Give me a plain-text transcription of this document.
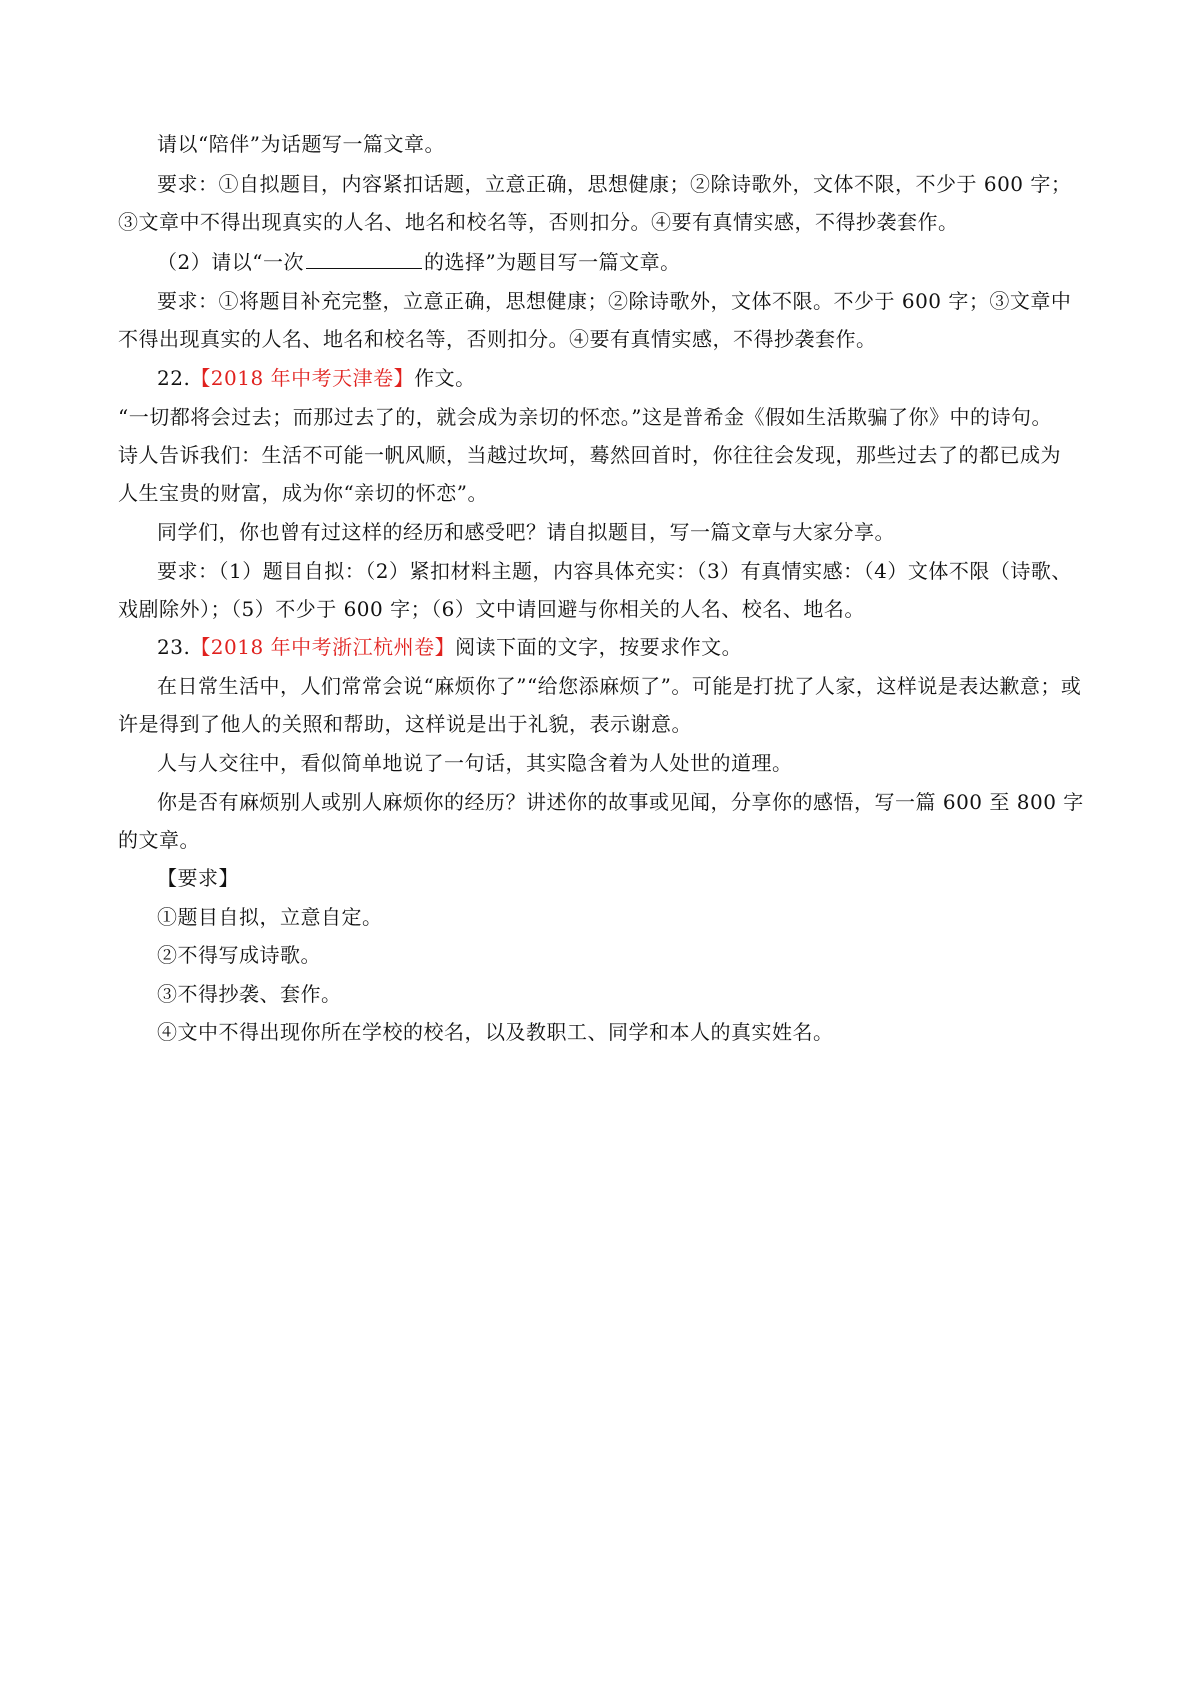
请以“陪伴”为话题写一篇文章。
要求：①自拟题目，内容紧扣话题，立意正确，思想健康；②除诗歌外，文体不限，不少于 600 字；
③文章中不得出现真实的人名、地名和校名等，否则扣分。④要有真情实感，不得抄袭套作。
（2）请以“一次	的选择”为题目写一篇文章。
要求：①将题目补充完整，立意正确，思想健康；②除诗歌外，文体不限。不少于 600 字；③文章中
不得出现真实的人名、地名和校名等，否则扣分。④要有真情实感，不得抄袭套作。
22.【2018 年中考天津卷】作文。
“一切都将会过去；而那过去了的，就会成为亲切的怀恋。”这是普希金《假如生活欺骗了你》中的诗句。
诗人告诉我们：生活不可能一帆风顺，当越过坎坷，蓦然回首时，你往往会发现，那些过去了的都已成为
人生宝贵的财富，成为你“亲切的怀恋”。
同学们，你也曾有过这样的经历和感受吧？请自拟题目，写一篇文章与大家分享。
要求：（1）题目自拟：（2）紧扣材料主题，内容具体充实：（3）有真情实感：（4）文体不限（诗歌、
戏剧除外）；（5）不少于 600 字；（6）文中请回避与你相关的人名、校名、地名。
23.【2018 年中考浙江杭州卷】阅读下面的文字，按要求作文。
在日常生活中，人们常常会说“麻烦你了”“给您添麻烦了”。可能是打扰了人家，这样说是表达歉意；或
许是得到了他人的关照和帮助，这样说是出于礼貌，表示谢意。
人与人交往中，看似简单地说了一句话，其实隐含着为人处世的道理。
你是否有麻烦别人或别人麻烦你的经历？讲述你的故事或见闻，分享你的感悟，写一篇 600 至 800 字
的文章。
【要求】
①题目自拟，立意自定。
②不得写成诗歌。
③不得抄袭、套作。
④文中不得出现你所在学校的校名，以及教职工、同学和本人的真实姓名。
